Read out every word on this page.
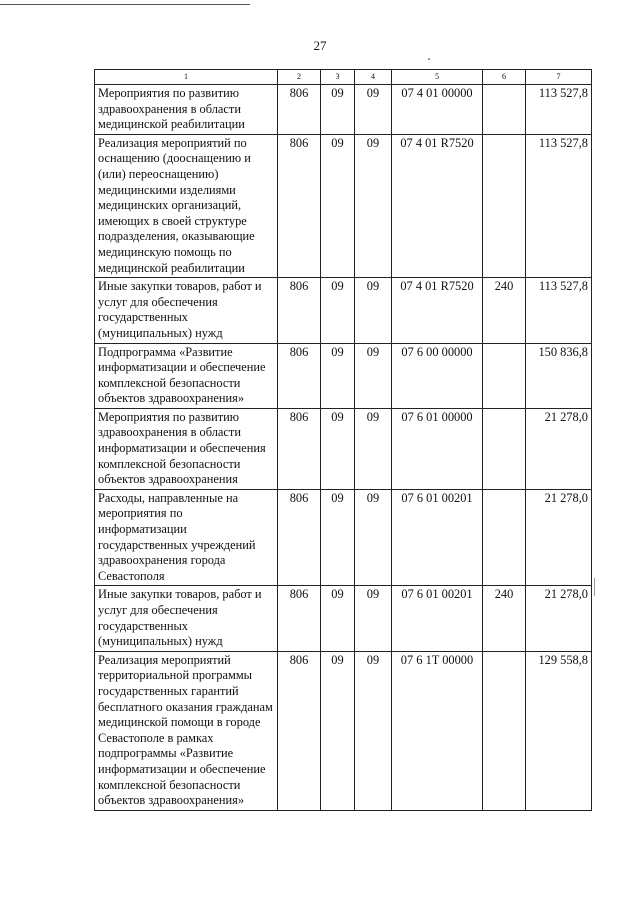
27
1	2	3	4	5	6	7
Мероприятия по развитию здравоохранения в области медицинской реабилитации	806	09	09	07 4 01 00000		113 527,8
Реализация мероприятий по оснащению (дооснащению и (или) переоснащению) медицинскими изделиями медицинских организаций, имеющих в своей структуре подразделения, оказывающие медицинскую помощь по медицинской реабилитации	806	09	09	07 4 01 R7520		113 527,8
Иные закупки товаров, работ и услуг для обеспечения государственных (муниципальных) нужд	806	09	09	07 4 01 R7520	240	113 527,8
Подпрограмма «Развитие информатизации и обеспечение комплексной безопасности объектов здравоохранения»	806	09	09	07 6 00 00000		150 836,8
Мероприятия по развитию здравоохранения в области информатизации и обеспечения комплексной безопасности объектов здравоохранения	806	09	09	07 6 01 00000		21 278,0
Расходы, направленные на мероприятия по информатизации государственных учреждений здравоохранения города Севастополя	806	09	09	07 6 01 00201		21 278,0
Иные закупки товаров, работ и услуг для обеспечения государственных (муниципальных) нужд	806	09	09	07 6 01 00201	240	21 278,0
Реализация мероприятий территориальной программы государственных гарантий бесплатного оказания гражданам медицинской помощи в городе Севастополе в рамках подпрограммы «Развитие информатизации и обеспечение комплексной безопасности объектов здравоохранения»	806	09	09	07 6 1T 00000		129 558,8
